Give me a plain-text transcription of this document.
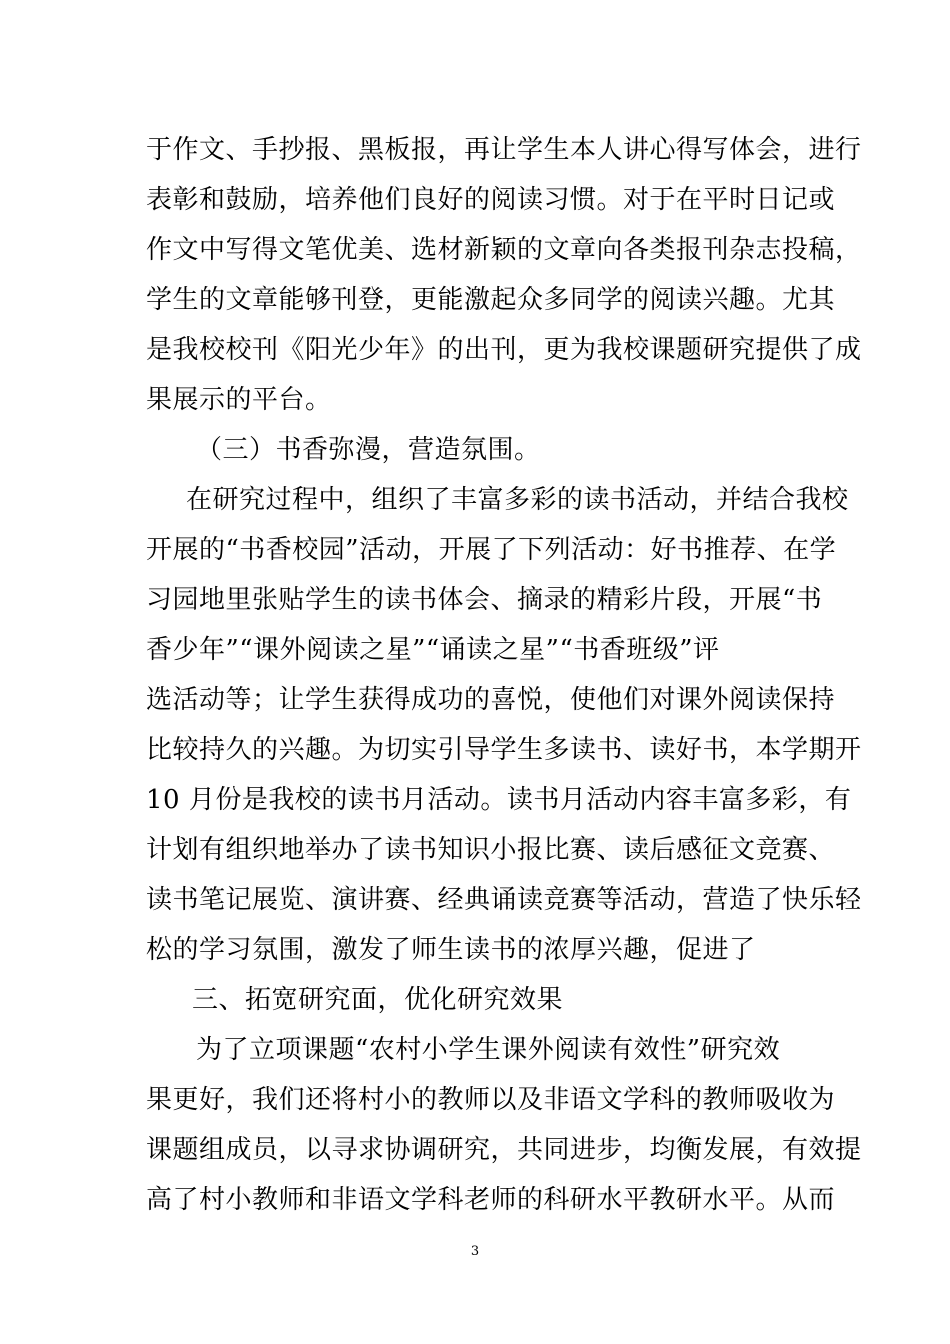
于作文、手抄报、黑板报，再让学生本人讲心得写体会，进行
表彰和鼓励，培养他们良好的阅读习惯。对于在平时日记或
作文中写得文笔优美、选材新颖的文章向各类报刊杂志投稿，
学生的文章能够刊登，更能激起众多同学的阅读兴趣。尤其
是我校校刊《阳光少年》的出刊，更为我校课题研究提供了成
果展示的平台。
（三）书香弥漫，营造氛围。
在研究过程中，组织了丰富多彩的读书活动，并结合我校
开展的“书香校园”活动，开展了下列活动：好书推荐、在学
习园地里张贴学生的读书体会、摘录的精彩片段，开展“书
香少年”“课外阅读之星”“诵读之星”“书香班级”评
选活动等；让学生获得成功的喜悦，使他们对课外阅读保持
比较持久的兴趣。为切实引导学生多读书、读好书，本学期开
10 月份是我校的读书月活动。读书月活动内容丰富多彩，有
计划有组织地举办了读书知识小报比赛、读后感征文竞赛、
读书笔记展览、演讲赛、经典诵读竞赛等活动，营造了快乐轻
松的学习氛围，激发了师生读书的浓厚兴趣，促进了
三、拓宽研究面，优化研究效果
为了立项课题“农村小学生课外阅读有效性”研究效
果更好，我们还将村小的教师以及非语文学科的教师吸收为
课题组成员，以寻求协调研究，共同进步，均衡发展，有效提
高了村小教师和非语文学科老师的科研水平教研水平。从而
3
